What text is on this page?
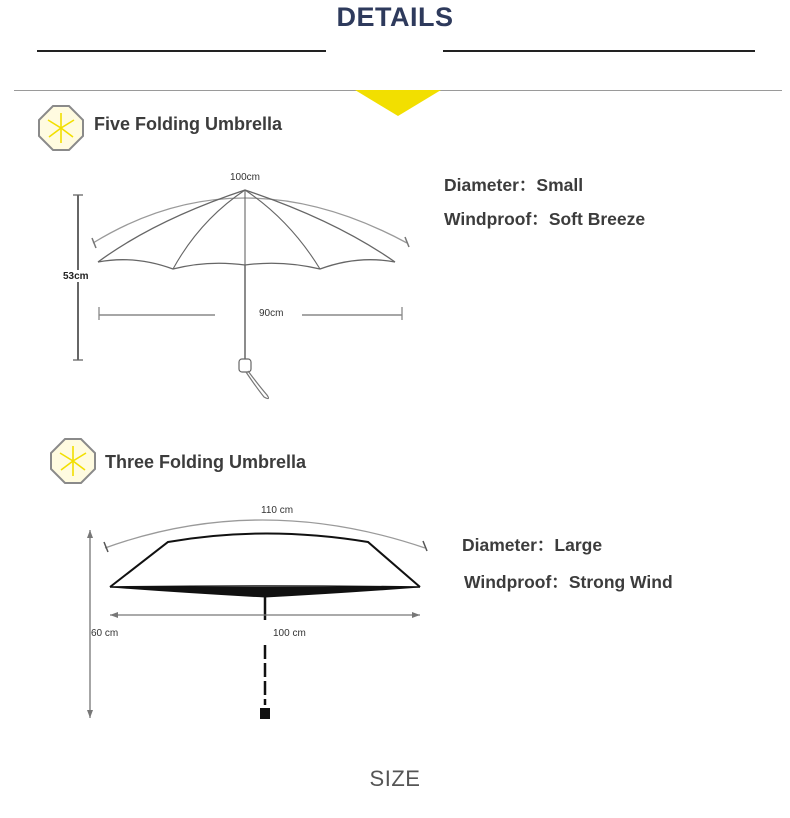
DETAILS
Five Folding Umbrella
100cm
90cm
53cm
Diameter：Small
Windproof：Soft Breeze
Three Folding Umbrella
110 cm
100 cm
60 cm
Diameter：Large
Windproof：Strong Wind
SIZE
